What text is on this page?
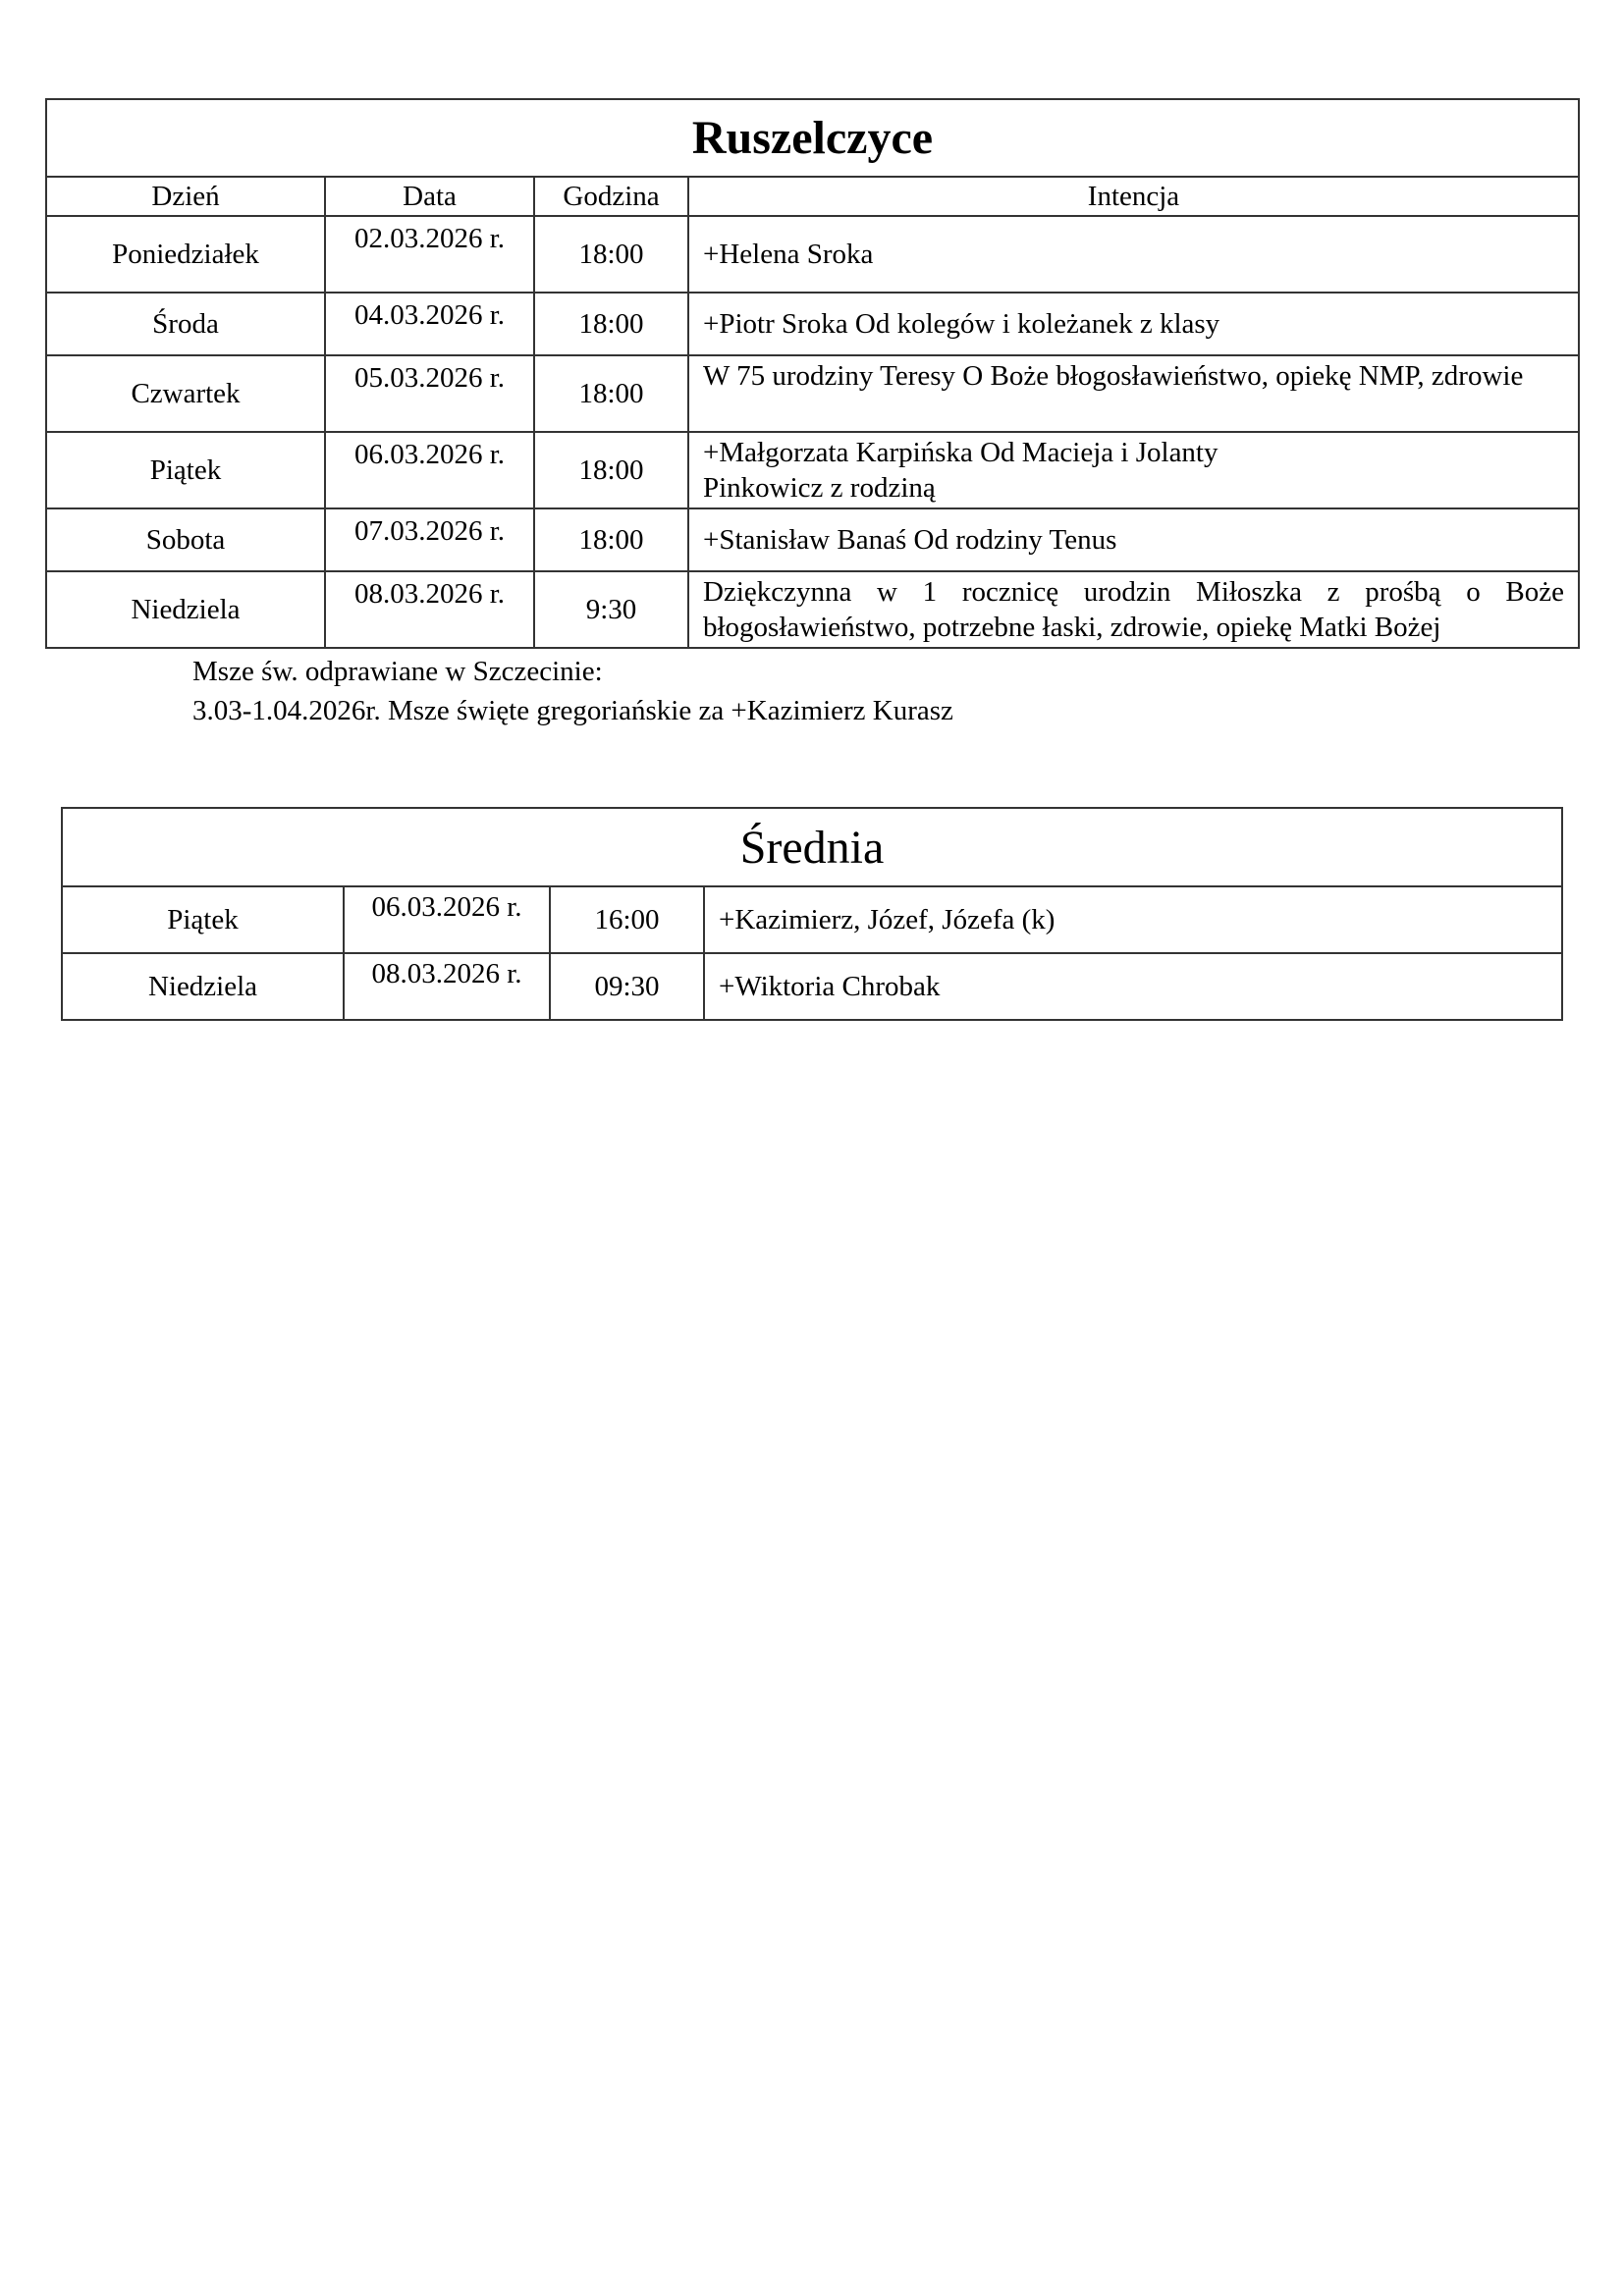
Ruszelczyce			
Dzień	Data	Godzina	Intencja
Poniedziałek	02.03.2026 r.	18:00	+Helena Sroka
Środa	04.03.2026 r.	18:00	+Piotr Sroka Od kolegów i koleżanek z klasy
Czwartek	05.03.2026 r.	18:00	W 75 urodziny Teresy O Boże błogosławieństwo, opiekę NMP, zdrowie
Piątek	06.03.2026 r.	18:00	+Małgorzata Karpińska Od Macieja i Jolanty Pinkowicz z rodziną
Sobota	07.03.2026 r.	18:00	+Stanisław Banaś Od rodziny Tenus
Niedziela	08.03.2026 r.	9:30	Dziękczynna w 1 rocznicę urodzin Miłoszka z prośbą o Boże błogosławieństwo, potrzebne łaski, zdrowie, opiekę Matki Bożej
Msze św. odprawiane w Szczecinie:
3.03-1.04.2026r. Msze święte gregoriańskie za +Kazimierz Kurasz
Średnia			
Piątek	06.03.2026 r.	16:00	+Kazimierz, Józef, Józefa (k)
Niedziela	08.03.2026 r.	09:30	+Wiktoria Chrobak
